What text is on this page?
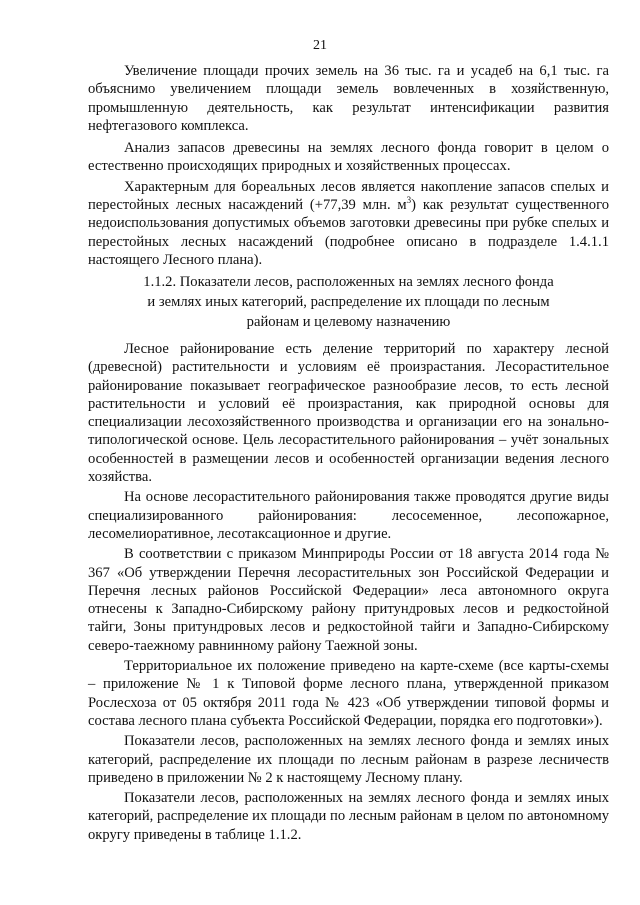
21

Увеличение площади прочих земель на 36 тыс. га и усадеб на 6,1 тыс. га объяснимо увеличением площади земель вовлеченных в хозяйственную, промышленную деятельность, как результат интенсификации развития нефтегазового комплекса.

Анализ запасов древесины на землях лесного фонда говорит в целом о естественно происходящих природных и хозяйственных процессах.

Характерным для бореальных лесов является накопление запасов спелых и перестойных лесных насаждений (+77,39 млн. $м^3$) как результат существенного недоиспользования допустимых объемов заготовки древесины при рубке спелых и перестойных лесных насаждений (подробнее описано в подразделе 1.4.1.1 настоящего Лесного плана).

1.1.2. Показатели лесов, расположенных на землях лесного фонда
и землях иных категорий, распределение их площади по лесным
районам и целевому назначению

Лесное районирование есть деление территорий по характеру лесной (древесной) растительности и условиям её произрастания. Лесорастительное районирование показывает географическое разнообразие лесов, то есть лесной растительности и условий её произрастания, как природной основы для специализации лесохозяйственного производства и организации его на зонально-типологической основе. Цель лесорастительного районирования – учёт зональных особенностей в размещении лесов и особенностей организации ведения лесного хозяйства.

На основе лесорастительного районирования также проводятся другие виды специализированного районирования: лесосеменное, лесопожарное, лесомелиоративное, лесотаксационное и другие.

В соответствии с приказом Минприроды России от 18 августа 2014 года № 367 «Об утверждении Перечня лесорастительных зон Российской Федерации и Перечня лесных районов Российской Федерации» леса автономного округа отнесены к Западно-Сибирскому району притундровых лесов и редкостойной тайги, Зоны притундровых лесов и редкостойной тайги и Западно-Сибирскому северо-таежному равнинному району Таежной зоны.

Территориальное их положение приведено на карте-схеме (все карты-схемы – приложение № 1 к Типовой форме лесного плана, утвержденной приказом Рослесхоза от 05 октября 2011 года № 423 «Об утверждении типовой формы и состава лесного плана субъекта Российской Федерации, порядка его подготовки»).

Показатели лесов, расположенных на землях лесного фонда и землях иных категорий, распределение их площади по лесным районам в разрезе лесничеств приведено в приложении № 2 к настоящему Лесному плану.

Показатели лесов, расположенных на землях лесного фонда и землях иных категорий, распределение их площади по лесным районам в целом по автономному округу приведены в таблице 1.1.2.
